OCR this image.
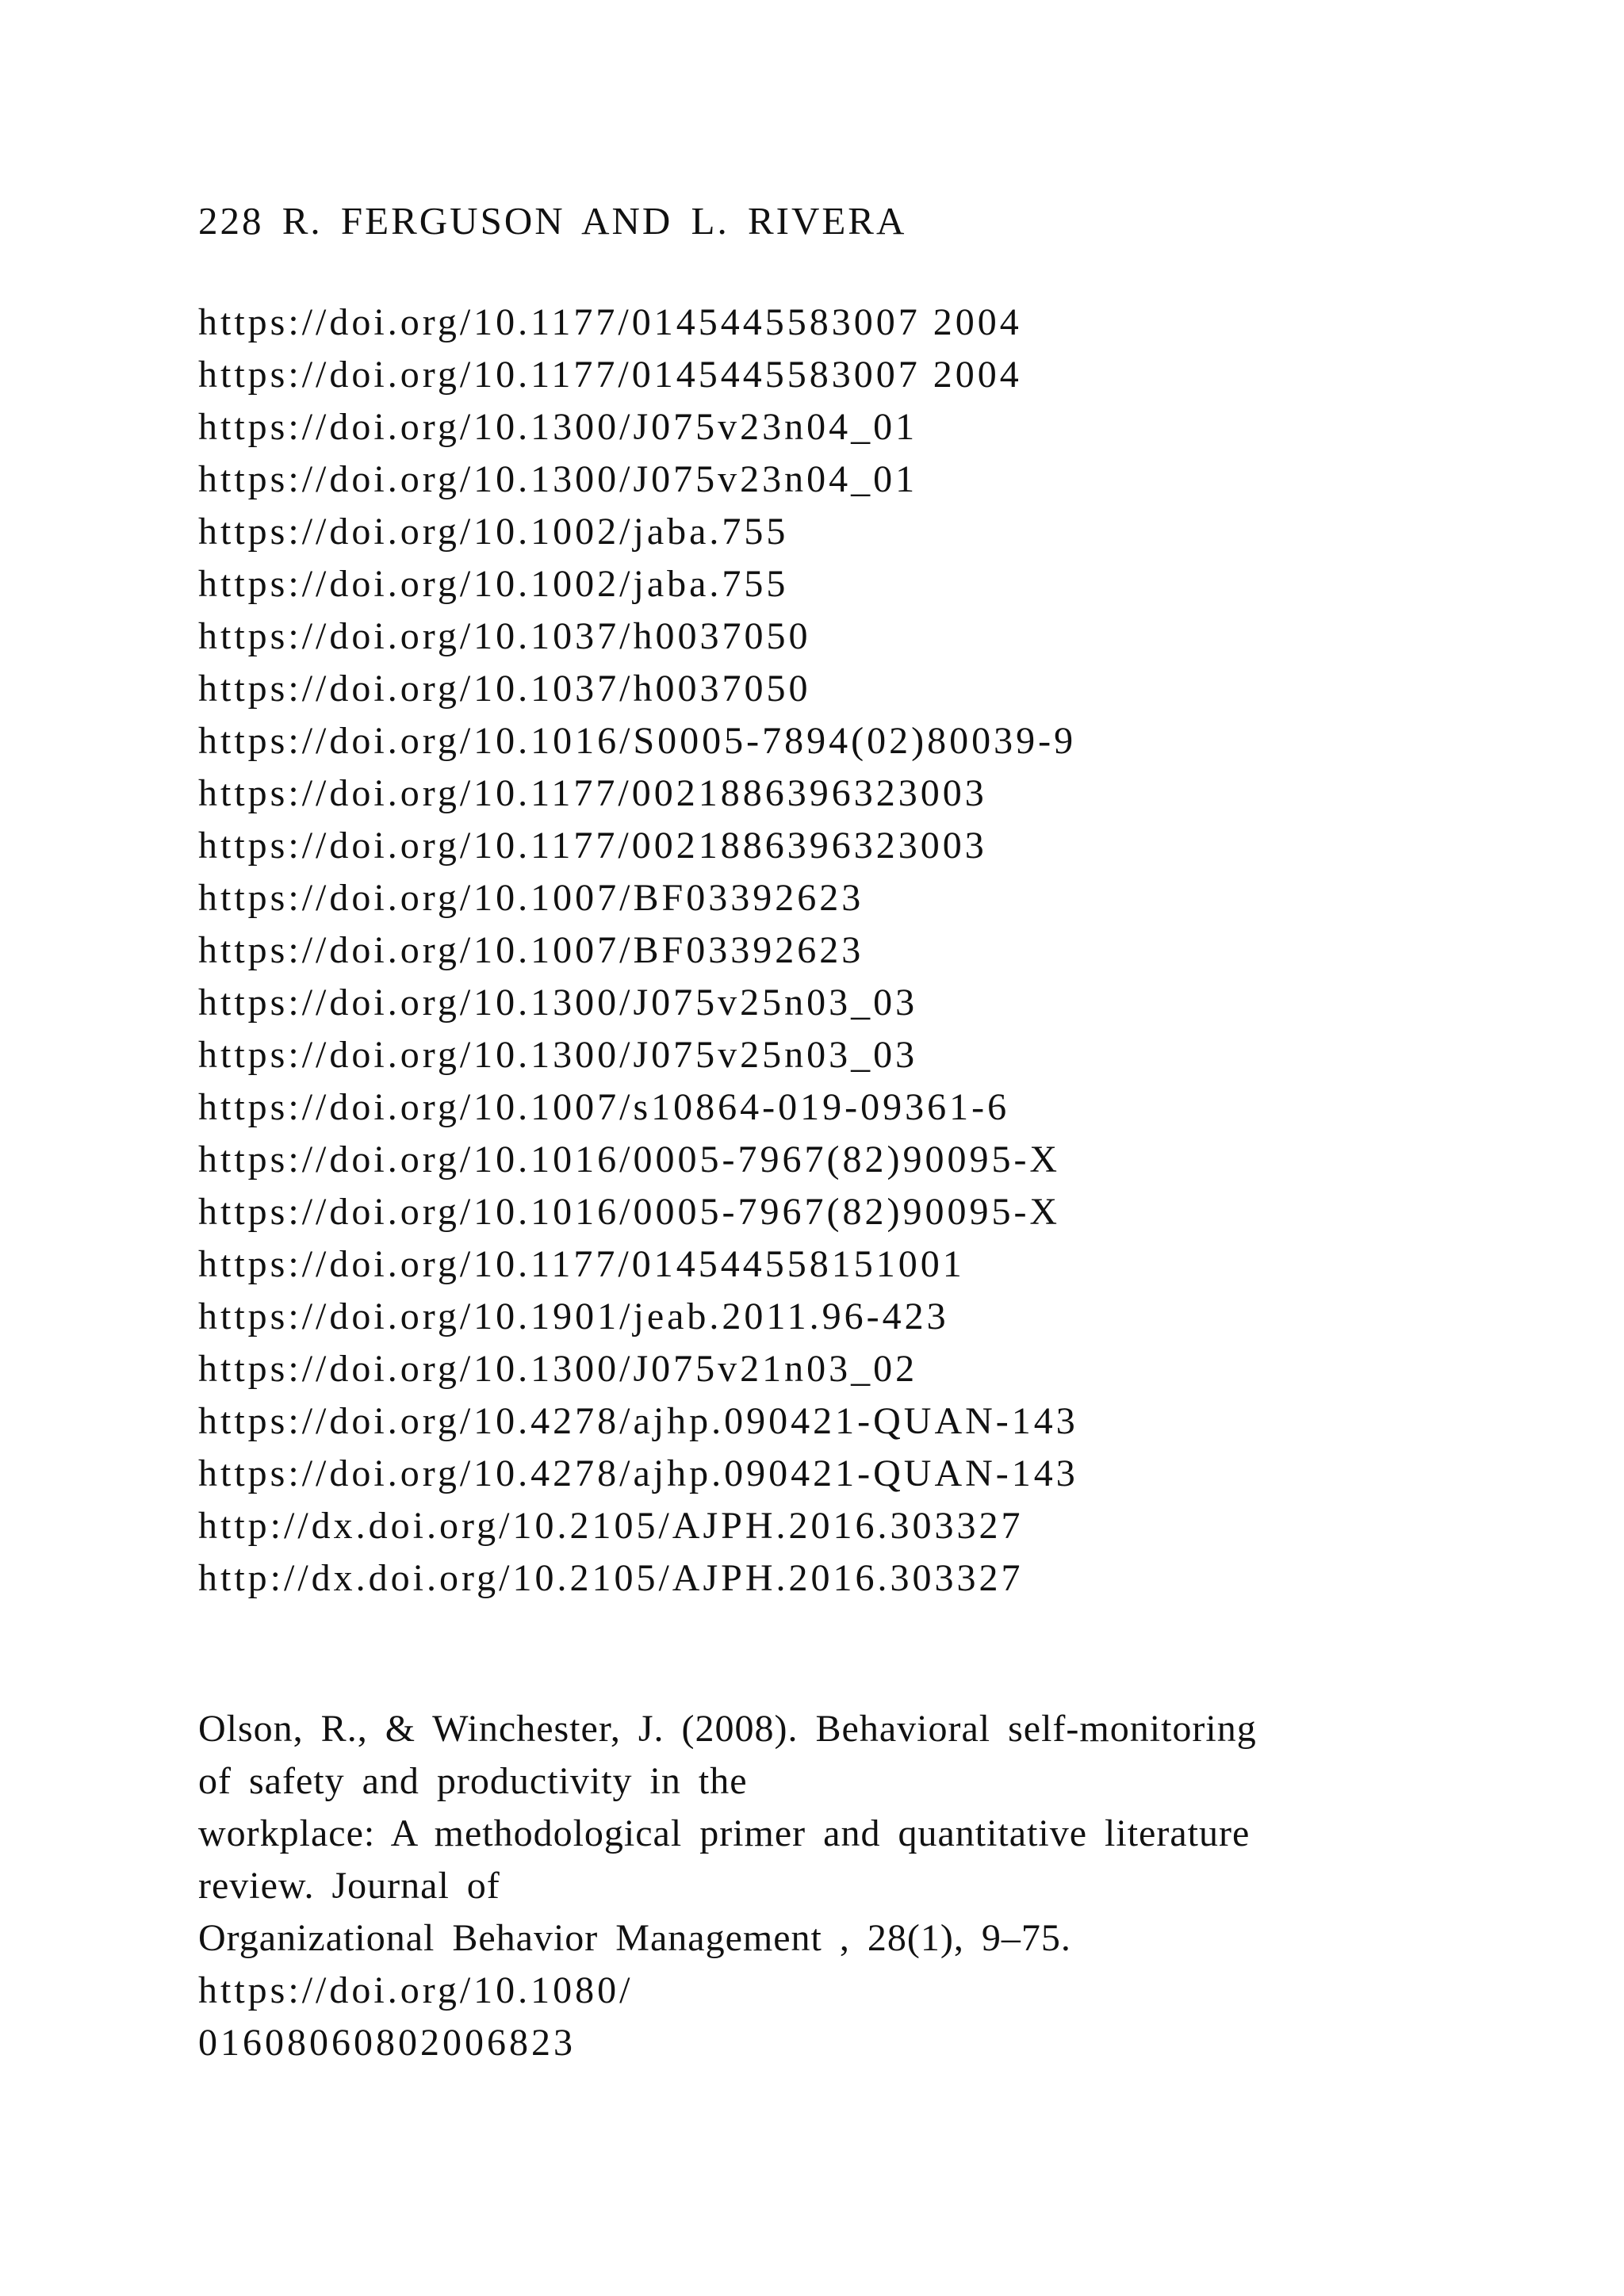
228 R. FERGUSON AND L. RIVERA
https://doi.org/10.1177/0145445583007 2004
https://doi.org/10.1177/0145445583007 2004
https://doi.org/10.1300/J075v23n04_01
https://doi.org/10.1300/J075v23n04_01
https://doi.org/10.1002/jaba.755
https://doi.org/10.1002/jaba.755
https://doi.org/10.1037/h0037050
https://doi.org/10.1037/h0037050
https://doi.org/10.1016/S0005-7894(02)80039-9
https://doi.org/10.1177/0021886396323003
https://doi.org/10.1177/0021886396323003
https://doi.org/10.1007/BF03392623
https://doi.org/10.1007/BF03392623
https://doi.org/10.1300/J075v25n03_03
https://doi.org/10.1300/J075v25n03_03
https://doi.org/10.1007/s10864-019-09361-6
https://doi.org/10.1016/0005-7967(82)90095-X
https://doi.org/10.1016/0005-7967(82)90095-X
https://doi.org/10.1177/014544558151001
https://doi.org/10.1901/jeab.2011.96-423
https://doi.org/10.1300/J075v21n03_02
https://doi.org/10.4278/ajhp.090421-QUAN-143
https://doi.org/10.4278/ajhp.090421-QUAN-143
http://dx.doi.org/10.2105/AJPH.2016.303327
http://dx.doi.org/10.2105/AJPH.2016.303327
Olson, R., & Winchester, J. (2008). Behavioral self-monitoring
of safety and productivity in the
workplace: A methodological primer and quantitative literature
review. Journal of
Organizational Behavior Management , 28(1), 9–75.
https://doi.org/10.1080/
01608060802006823
